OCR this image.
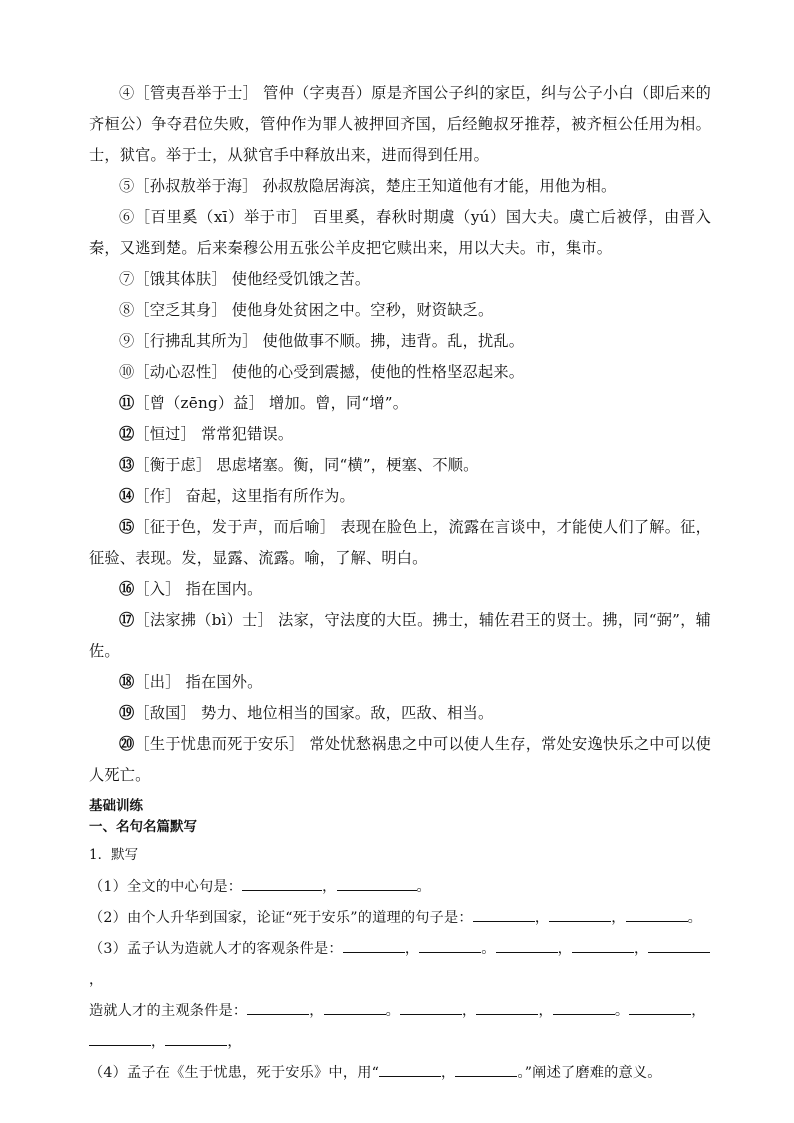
④［管夷吾举于士］ 管仲（字夷吾）原是齐国公子纠的家臣，纠与公子小白（即后来的齐桓公）争夺君位失败，管仲作为罪人被押回齐国，后经鲍叔牙推荐，被齐桓公任用为相。士，狱官。举于士，从狱官手中释放出来，进而得到任用。

⑤［孙叔敖举于海］ 孙叔敖隐居海滨，楚庄王知道他有才能，用他为相。

⑥［百里奚（xī）举于市］ 百里奚，春秋时期虞（yú）国大夫。虞亡后被俘，由晋入秦，又逃到楚。后来秦穆公用五张公羊皮把它赎出来，用以大夫。市，集市。

⑦［饿其体肤］ 使他经受饥饿之苦。

⑧［空乏其身］ 使他身处贫困之中。空秒，财资缺乏。

⑨［行拂乱其所为］ 使他做事不顺。拂，违背。乱，扰乱。

⑩［动心忍性］ 使他的心受到震撼，使他的性格坚忍起来。

⑪［曾（zēng）益］ 增加。曾，同“增”。

⑫［恒过］ 常常犯错误。

⑬［衡于虑］ 思虑堵塞。衡，同“横”，梗塞、不顺。

⑭［作］ 奋起，这里指有所作为。

⑮［征于色，发于声，而后喻］ 表现在脸色上，流露在言谈中，才能使人们了解。征，征验、表现。发，显露、流露。喻，了解、明白。

⑯［入］ 指在国内。

⑰［法家拂（bì）士］ 法家，守法度的大臣。拂士，辅佐君王的贤士。拂，同“弼”，辅佐。

⑱［出］ 指在国外。

⑲［敌国］ 势力、地位相当的国家。敌，匹敌、相当。

⑳［生于忧患而死于安乐］ 常处忧愁祸患之中可以使人生存，常处安逸快乐之中可以使人死亡。

基础训练

一、名句名篇默写

1．默写

（1）全文的中心句是：	，	。

（2）由个人升华到国家，论证“死于安乐”的道理的句子是：	，	，	。

（3）孟子认为造就人才的客观条件是：	，	。	，	，，

造就人才的主观条件是：	，	。	，	，	。	，

，	，

（4）孟子在《生于忧患，死于安乐》中，用“	，	。”阐述了磨难的意义。
